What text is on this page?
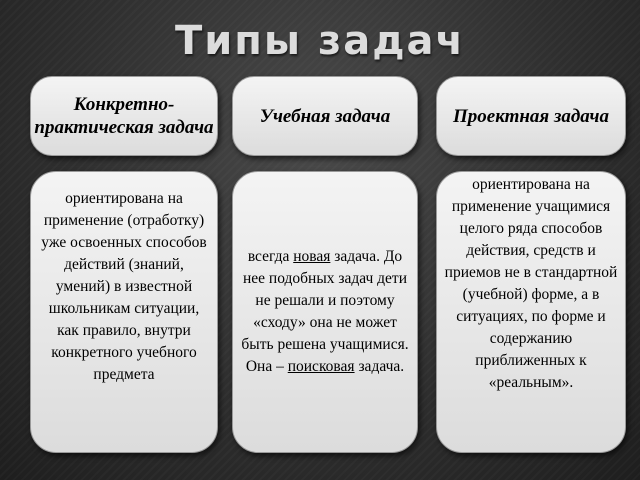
Типы задач
Конкретно-практическая задача
Учебная задача	Проектная задача
ориентирована на применение (отработку) уже освоенных способов действий (знаний, умений) в известной школьникам ситуации, как правило, внутри конкретного учебного предмета
всегда новая задача. До нее подобных задач дети не решали и поэтому «сходу» она не может быть решена учащимися. Она – поисковая задача.
ориентирована на применение учащимися целого ряда способов действия, средств и приемов не в стандартной (учебной) форме, а в ситуациях, по форме и содержанию приближенных к «реальным».
